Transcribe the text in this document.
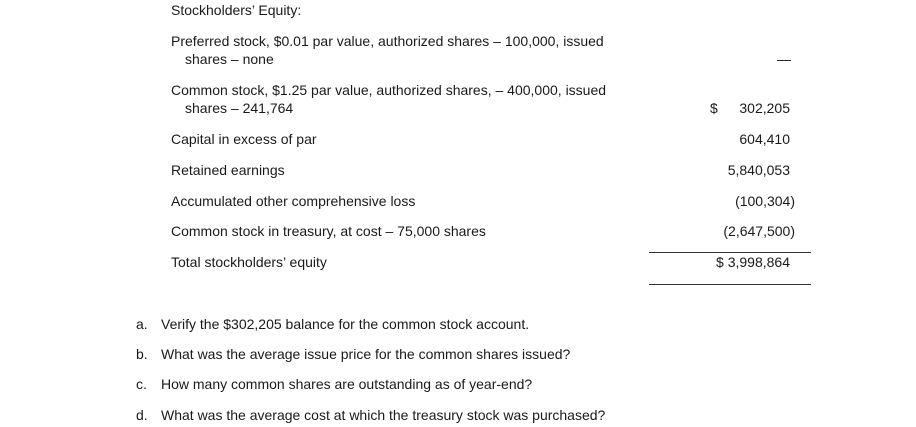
Stockholders’ Equity:
Preferred stock, $0.01 par value, authorized shares – 100,000, issued
shares – none	—
Common stock, $1.25 par value, authorized shares, – 400,000, issued
shares – 241,764	$ 302,205
Capital in excess of par	604,410
Retained earnings	5,840,053
Accumulated other comprehensive loss	(100,304)
Common stock in treasury, at cost – 75,000 shares	(2,647,500)
Total stockholders’ equity	$ 3,998,864
a. Verify the $302,205 balance for the common stock account.
b. What was the average issue price for the common shares issued?
c. How many common shares are outstanding as of year-end?
d. What was the average cost at which the treasury stock was purchased?
